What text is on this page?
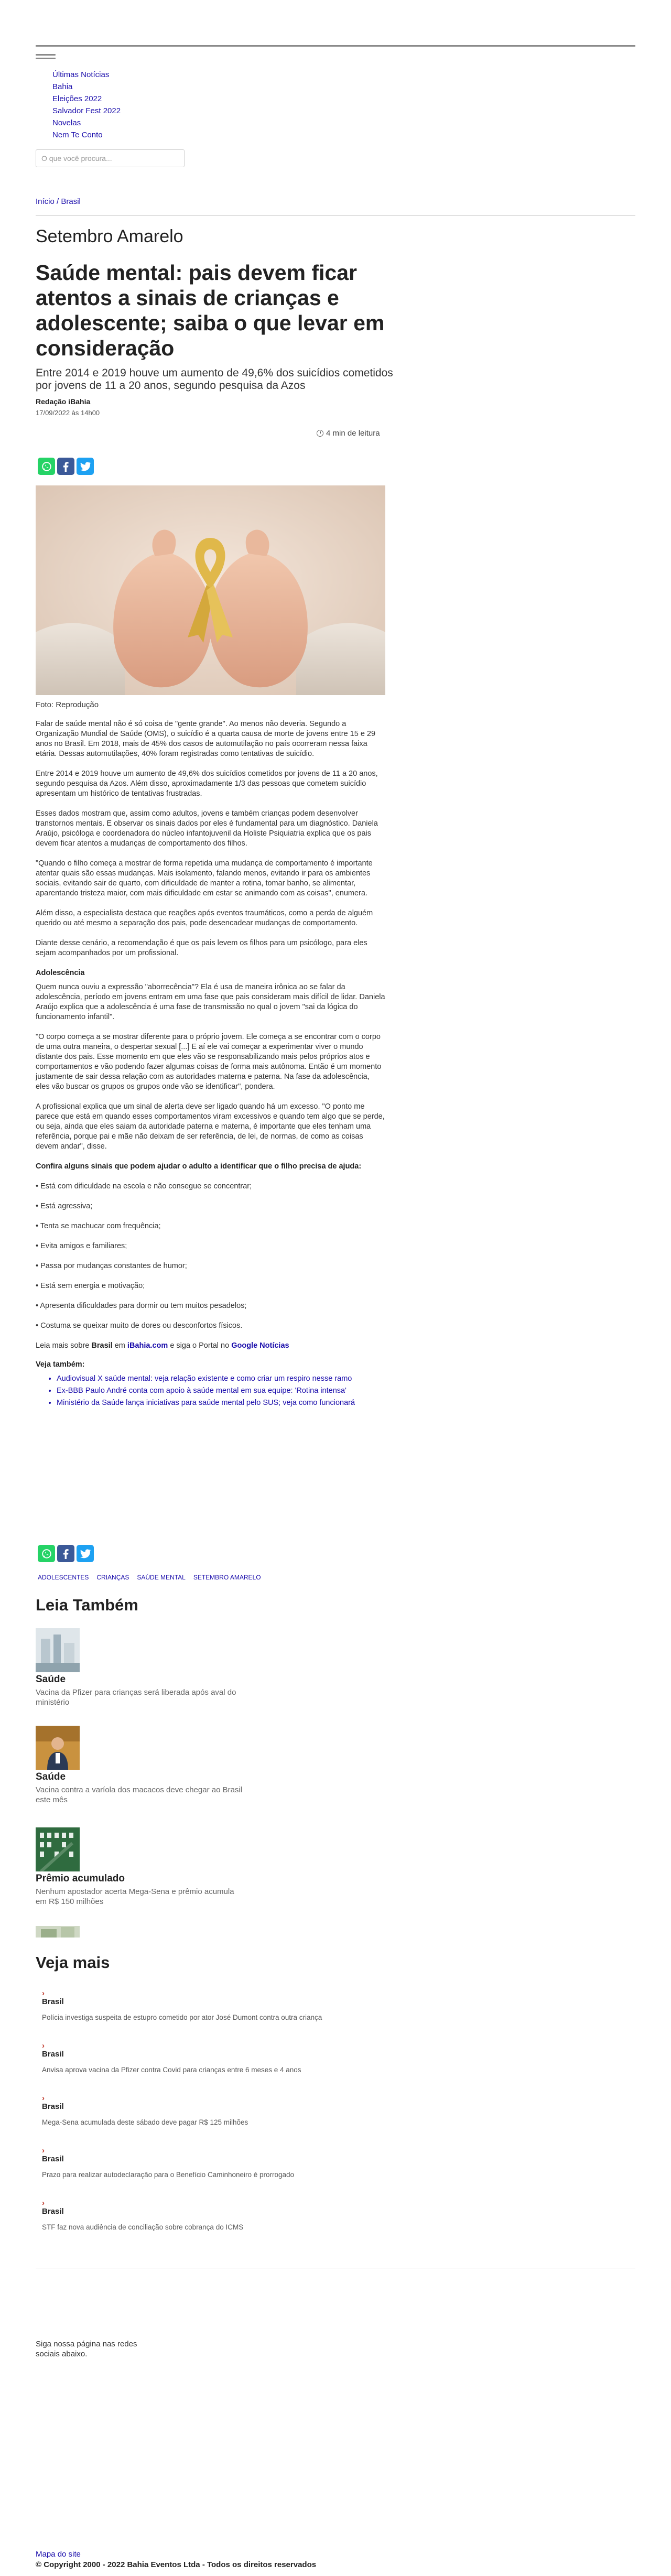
Últimas Notícias
Bahia
Eleições 2022
Salvador Fest 2022
Novelas
Nem Te Conto
O que você procura...
Início / Brasil
Setembro Amarelo
Saúde mental: pais devem ficar atentos a sinais de crianças e adolescente; saiba o que levar em consideração

Entre 2014 e 2019 houve um aumento de 49,6% dos suicídios cometidos por jovens de 11 a 20 anos, segundo pesquisa da Azos

Redação iBahia
17/09/2022 às 14h00
4 min de leitura
Foto: Reprodução

Falar de saúde mental não é só coisa de "gente grande". Ao menos não deveria. Segundo a Organização Mundial de Saúde (OMS), o suicídio é a quarta causa de morte de jovens entre 15 e 29 anos no Brasil. Em 2018, mais de 45% dos casos de automutilação no país ocorreram nessa faixa etária. Dessas automutilações, 40% foram registradas como tentativas de suicídio.

Entre 2014 e 2019 houve um aumento de 49,6% dos suicídios cometidos por jovens de 11 a 20 anos, segundo pesquisa da Azos. Além disso, aproximadamente 1/3 das pessoas que cometem suicídio apresentam um histórico de tentativas frustradas.

Esses dados mostram que, assim como adultos, jovens e também crianças podem desenvolver transtornos mentais. E observar os sinais dados por eles é fundamental para um diagnóstico. Daniela Araújo, psicóloga e coordenadora do núcleo infantojuvenil da Holiste Psiquiatria explica que os pais devem ficar atentos a mudanças de comportamento dos filhos.

"Quando o filho começa a mostrar de forma repetida uma mudança de comportamento é importante atentar quais são essas mudanças. Mais isolamento, falando menos, evitando ir para os ambientes sociais, evitando sair de quarto, com dificuldade de manter a rotina, tomar banho, se alimentar, aparentando tristeza maior, com mais dificuldade em estar se animando com as coisas", enumera.

Além disso, a especialista destaca que reações após eventos traumáticos, como a perda de alguém querido ou até mesmo a separação dos pais, pode desencadear mudanças de comportamento.

Diante desse cenário, a recomendação é que os pais levem os filhos para um psicólogo, para eles sejam acompanhados por um profissional.

Adolescência

Quem nunca ouviu a expressão "aborrecência"? Ela é usa de maneira irônica ao se falar da adolescência, período em jovens entram em uma fase que pais consideram mais difícil de lidar. Daniela Araújo explica que a adolescência é uma fase de transmissão no qual o jovem "sai da lógica do funcionamento infantil".

"O corpo começa a se mostrar diferente para o próprio jovem. Ele começa a se encontrar com o corpo de uma outra maneira, o despertar sexual [...] E aí ele vai começar a experimentar viver o mundo distante dos pais. Esse momento em que eles vão se responsabilizando mais pelos próprios atos e comportamentos e vão podendo fazer algumas coisas de forma mais autônoma. Então é um momento justamente de sair dessa relação com as autoridades materna e paterna. Na fase da adolescência, eles vão buscar os grupos os grupos onde vão se identificar", pondera.

A profissional explica que um sinal de alerta deve ser ligado quando há um excesso. "O ponto me parece que está em quando esses comportamentos viram excessivos e quando tem algo que se perde, ou seja, ainda que eles saiam da autoridade paterna e materna, é importante que eles tenham uma referência, porque pai e mãe não deixam de ser referência, de lei, de normas, de como as coisas devem andar", disse.

Confira alguns sinais que podem ajudar o adulto a identificar que o filho precisa de ajuda:

• Está com dificuldade na escola e não consegue se concentrar;

• Está agressiva;

• Tenta se machucar com frequência;

• Evita amigos e familiares;

• Passa por mudanças constantes de humor;

• Está sem energia e motivação;

• Apresenta dificuldades para dormir ou tem muitos pesadelos;

• Costuma se queixar muito de dores ou desconfortos físicos.

Leia mais sobre Brasil em iBahia.com e siga o Portal no Google Notícias

Veja também:
• Audiovisual X saúde mental: veja relação existente e como criar um respiro nesse ramo
• Ex-BBB Paulo André conta com apoio à saúde mental em sua equipe: 'Rotina intensa'
• Ministério da Saúde lança iniciativas para saúde mental pelo SUS; veja como funcionará
ADOLESCENTES CRIANÇAS SAÚDE MENTAL SETEMBRO AMARELO
Leia Também
Saúde
Vacina da Pfizer para crianças será liberada após aval do ministério
Saúde
Vacina contra a varíola dos macacos deve chegar ao Brasil este mês
Prêmio acumulado
Nenhum apostador acerta Mega-Sena e prêmio acumula em R$ 150 milhões
Veja mais
›
Brasil
Polícia investiga suspeita de estupro cometido por ator José Dumont contra outra criança
›
Brasil
Anvisa aprova vacina da Pfizer contra Covid para crianças entre 6 meses e 4 anos
›
Brasil
Mega-Sena acumulada deste sábado deve pagar R$ 125 milhões
›
Brasil
Prazo para realizar autodeclaração para o Benefício Caminhoneiro é prorrogado
›
Brasil
STF faz nova audiência de conciliação sobre cobrança do ICMS
Siga nossa página nas redes sociais abaixo.
Mapa do site
© Copyright 2000 - 2022 Bahia Eventos Ltda - Todos os direitos reservados
